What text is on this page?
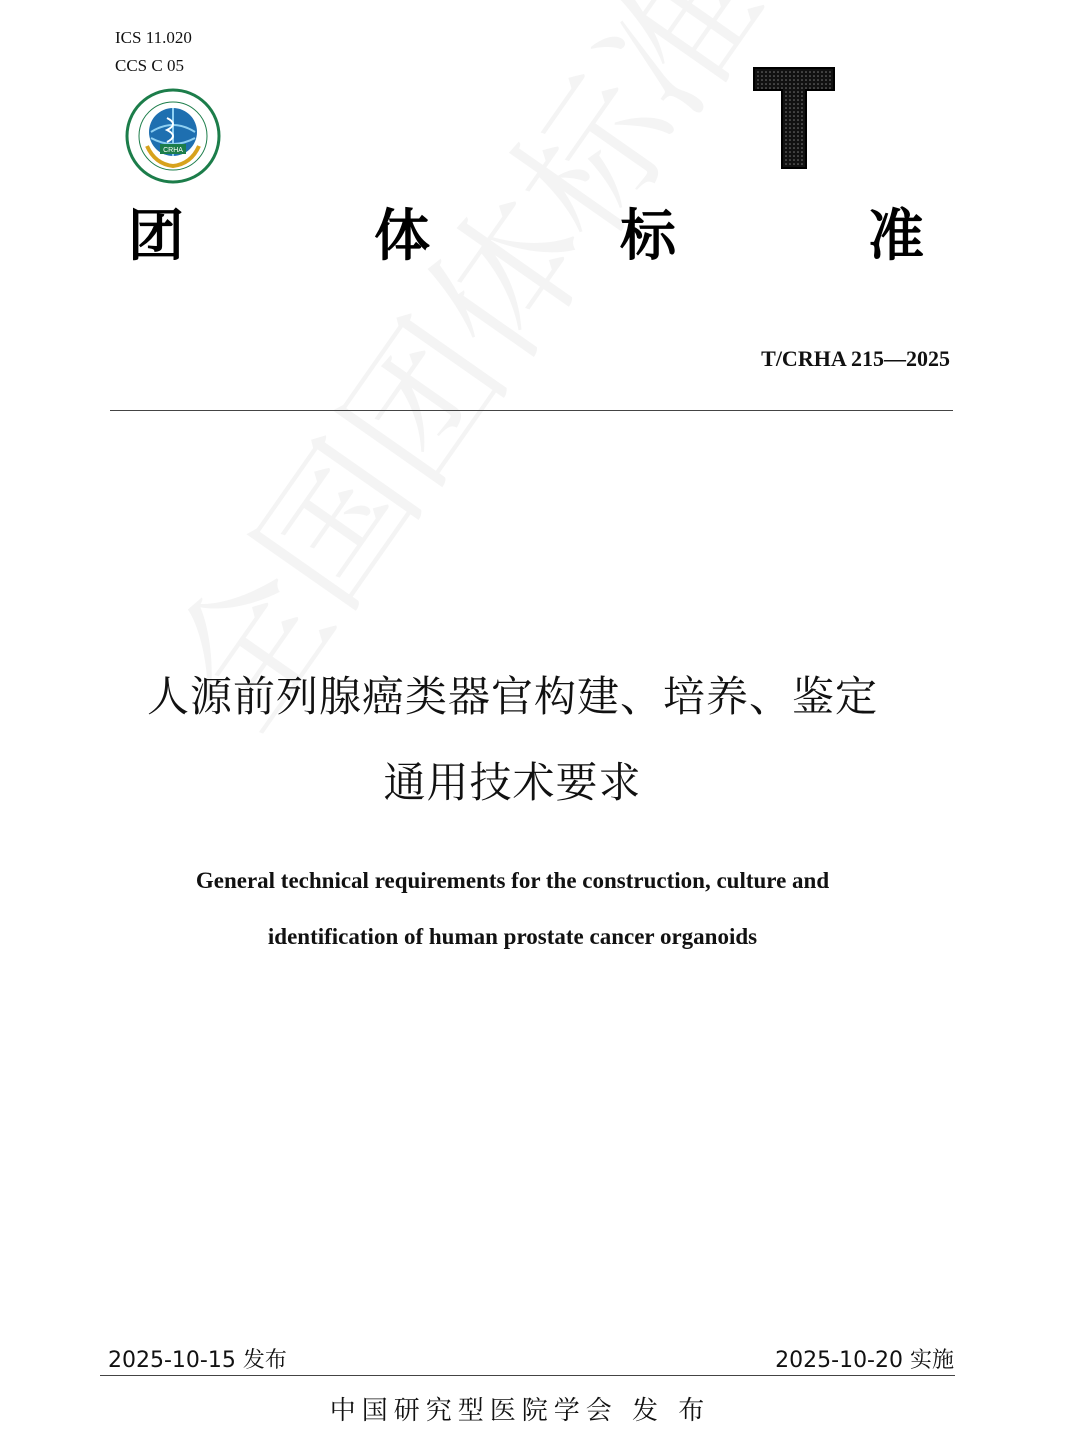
ICS 11.020
CCS C 05
CRHA
团	体	标	准
T/CRHA 215—2025
人源前列腺癌类器官构建、培养、鉴定
通用技术要求
General technical requirements for the construction, culture and
identification of human prostate cancer organoids
2025-10-15 发布	2025-10-20 实施
中国研究型医院学会 发 布
